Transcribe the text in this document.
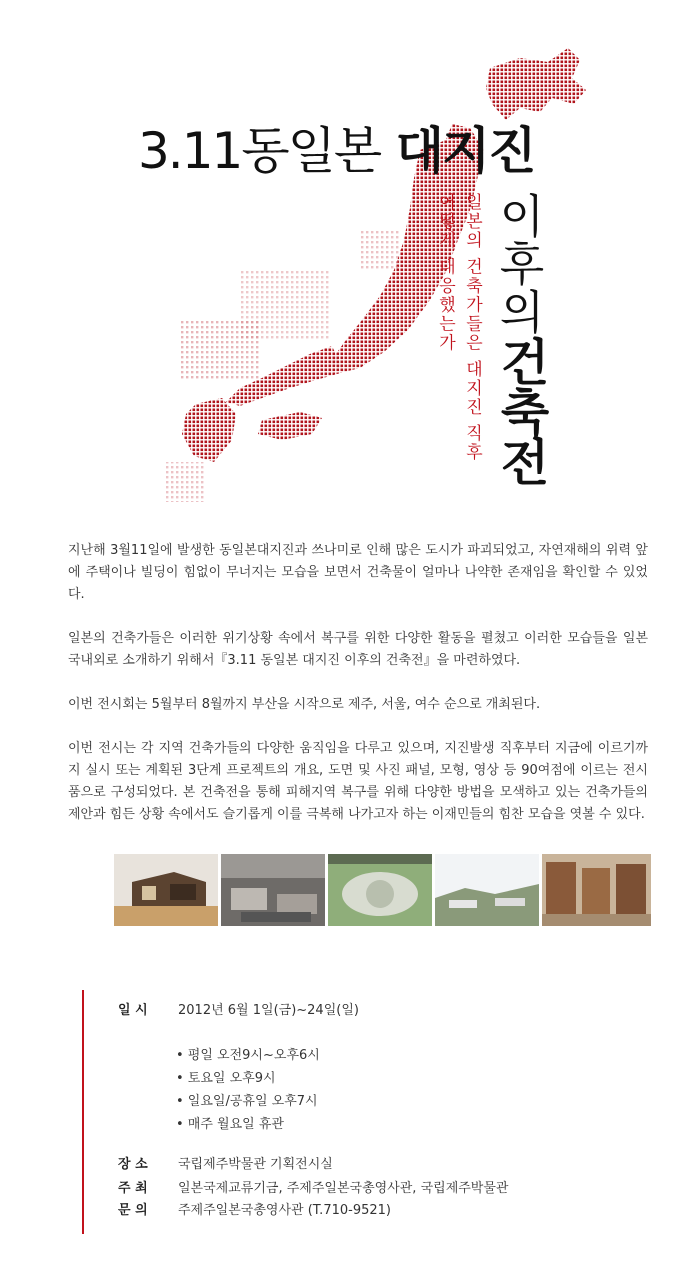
3.11동일본 대지진
이후의
건축전
일본의 건축가들은 대지진 직후
어떻게 대응했는가

지난해 3월11일에 발생한 동일본대지진과 쓰나미로 인해 많은 도시가 파괴되었고, 자연재해의 위력 앞에 주택이나 빌딩이 힘없이 무너지는 모습을 보면서 건축물이 얼마나 나약한 존재임을 확인할 수 있었다.

일본의 건축가들은 이러한 위기상황 속에서 복구를 위한 다양한 활동을 펼쳤고 이러한 모습들을 일본 국내외로 소개하기 위해서『3.11 동일본 대지진 이후의 건축전』을 마련하였다.

이번 전시회는 5월부터 8월까지 부산을 시작으로 제주, 서울, 여수 순으로 개최된다.

이번 전시는 각 지역 건축가들의 다양한 움직임을 다루고 있으며, 지진발생 직후부터 지금에 이르기까지 실시 또는 계획된 3단계 프로젝트의 개요, 도면 및 사진 패널, 모형, 영상 등 90여점에 이르는 전시품으로 구성되었다. 본 건축전을 통해 피해지역 복구를 위해 다양한 방법을 모색하고 있는 건축가들의 제안과 힘든 상황 속에서도 슬기롭게 이를 극복해 나가고자 하는 이재민들의 힘찬 모습을 엿볼 수 있다.

일 시 2012년 6월 1일(금)~24일(일)
• 평일 오전9시~오후6시
• 토요일 오후9시
• 일요일/공휴일 오후7시
• 매주 월요일 휴관
장 소 국립제주박물관 기획전시실
주 최 일본국제교류기금, 주제주일본국총영사관, 국립제주박물관
문 의 주제주일본국총영사관 (T.710-9521)
